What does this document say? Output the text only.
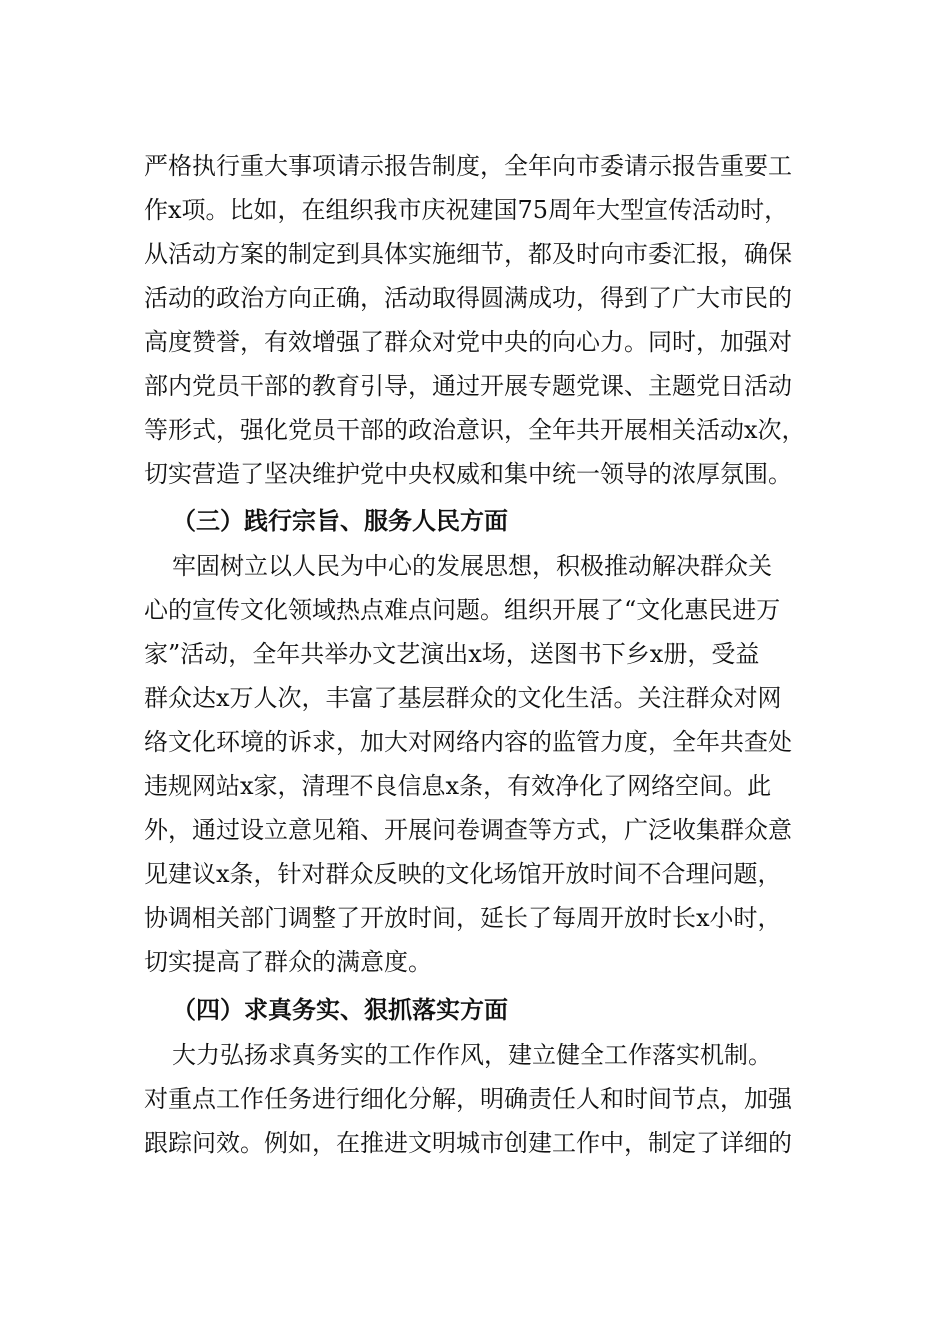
严格执行重大事项请示报告制度，全年向市委请示报告重要工
作x项。比如，在组织我市庆祝建国75周年大型宣传活动时，
从活动方案的制定到具体实施细节，都及时向市委汇报，确保
活动的政治方向正确，活动取得圆满成功，得到了广大市民的
高度赞誉，有效增强了群众对党中央的向心力。同时，加强对
部内党员干部的教育引导，通过开展专题党课、主题党日活动
等形式，强化党员干部的政治意识，全年共开展相关活动x次，
切实营造了坚决维护党中央权威和集中统一领导的浓厚氛围。
（三）践行宗旨、服务人民方面
牢固树立以人民为中心的发展思想，积极推动解决群众关
心的宣传文化领域热点难点问题。组织开展了“文化惠民进万
家”活动，全年共举办文艺演出x场，送图书下乡x册，受益
群众达x万人次，丰富了基层群众的文化生活。关注群众对网
络文化环境的诉求，加大对网络内容的监管力度，全年共查处
违规网站x家，清理不良信息x条，有效净化了网络空间。此
外，通过设立意见箱、开展问卷调查等方式，广泛收集群众意
见建议x条，针对群众反映的文化场馆开放时间不合理问题，
协调相关部门调整了开放时间，延长了每周开放时长x小时，
切实提高了群众的满意度。
（四）求真务实、狠抓落实方面
大力弘扬求真务实的工作作风，建立健全工作落实机制。
对重点工作任务进行细化分解，明确责任人和时间节点，加强
跟踪问效。例如，在推进文明城市创建工作中，制定了详细的
